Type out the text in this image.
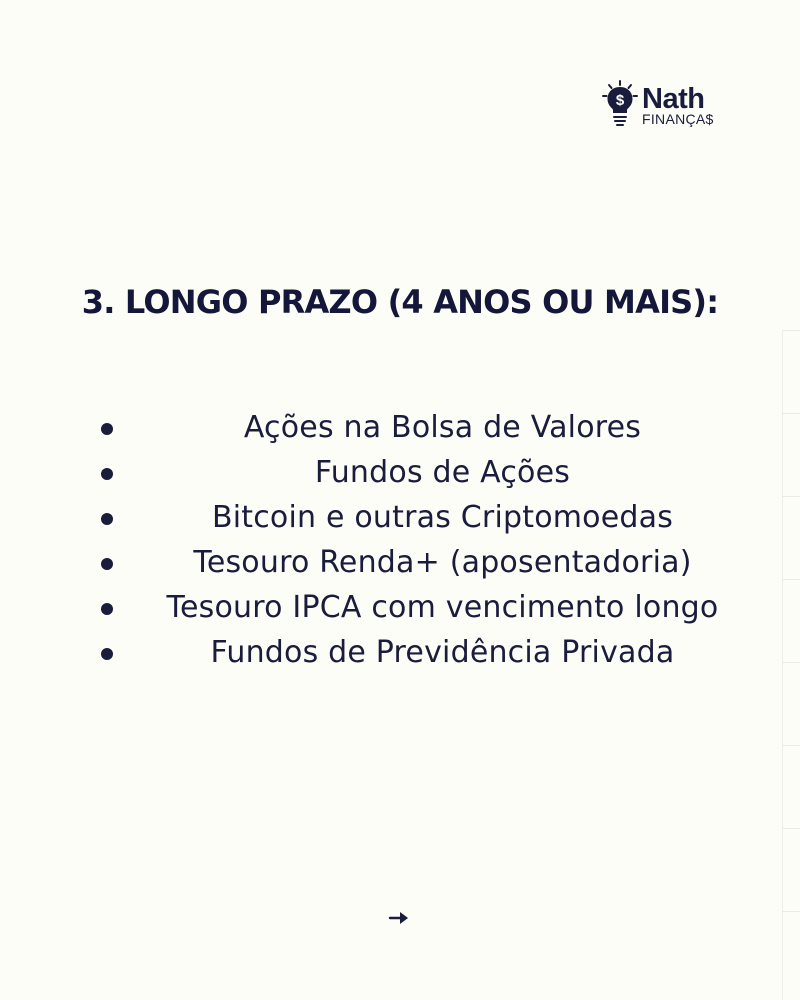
$ Nath
FINANÇA$
3. LONGO PRAZO (4 ANOS OU MAIS):
Ações na Bolsa de Valores
Fundos de Ações
Bitcoin e outras Criptomoedas
Tesouro Renda+ (aposentadoria)
Tesouro IPCA com vencimento longo
Fundos de Previdência Privada
